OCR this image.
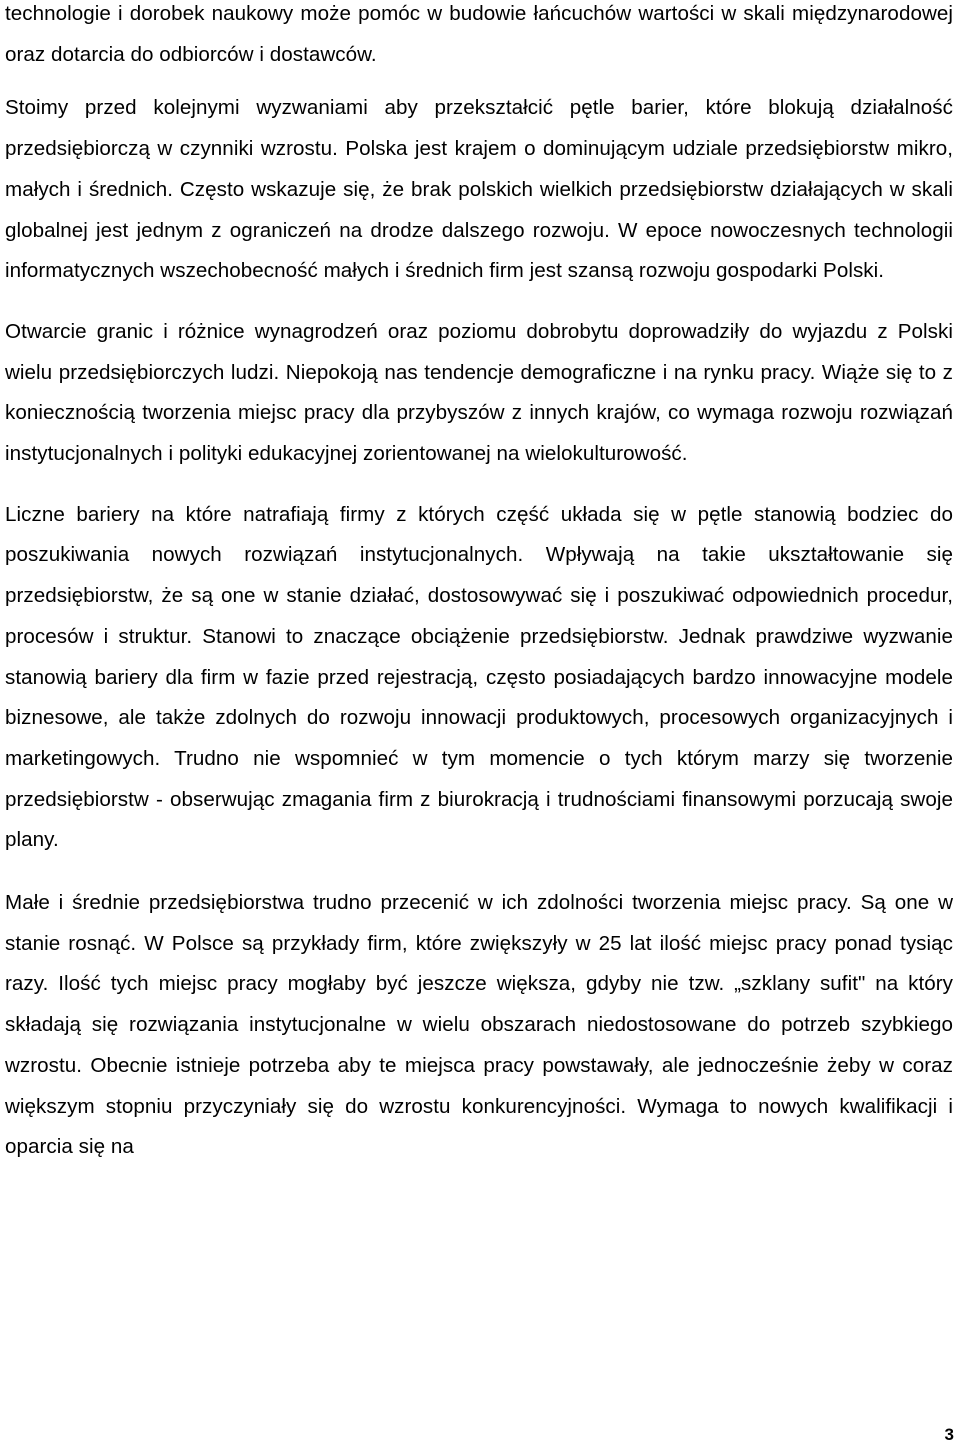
technologie i dorobek naukowy może pomóc w budowie łańcuchów wartości w skali międzynarodowej oraz dotarcia do odbiorców i dostawców.

Stoimy przed kolejnymi wyzwaniami aby przekształcić pętle barier, które blokują działalność przedsiębiorczą w czynniki wzrostu. Polska jest krajem o dominującym udziale przedsiębiorstw mikro, małych i średnich. Często wskazuje się, że brak polskich wielkich przedsiębiorstw działających w skali globalnej jest jednym z ograniczeń na drodze dalszego rozwoju. W epoce nowoczesnych technologii informatycznych wszechobecność małych i średnich firm jest szansą rozwoju gospodarki Polski.

Otwarcie granic i różnice wynagrodzeń oraz poziomu dobrobytu doprowadziły do wyjazdu z Polski wielu przedsiębiorczych ludzi. Niepokoją nas tendencje demograficzne i na rynku pracy. Wiąże się to z koniecznością tworzenia miejsc pracy dla przybyszów z innych krajów, co wymaga rozwoju rozwiązań instytucjonalnych i polityki edukacyjnej zorientowanej na wielokulturowość.

Liczne bariery na które natrafiają firmy z których część układa się w pętle stanowią bodziec do poszukiwania nowych rozwiązań instytucjonalnych. Wpływają na takie ukształtowanie się przedsiębiorstw, że są one w stanie działać, dostosowywać się i poszukiwać odpowiednich procedur, procesów i struktur. Stanowi to znaczące obciążenie przedsiębiorstw. Jednak prawdziwe wyzwanie stanowią bariery dla firm w fazie przed rejestracją, często posiadających bardzo innowacyjne modele biznesowe, ale także zdolnych do rozwoju innowacji produktowych, procesowych organizacyjnych i marketingowych. Trudno nie wspomnieć w tym momencie o tych którym marzy się tworzenie przedsiębiorstw - obserwując zmagania firm z biurokracją i trudnościami finansowymi porzucają swoje plany.

Małe i średnie przedsiębiorstwa trudno przecenić w ich zdolności tworzenia miejsc pracy. Są one w stanie rosnąć. W Polsce są przykłady firm, które zwiększyły w 25 lat ilość miejsc pracy ponad tysiąc razy. Ilość tych miejsc pracy mogłaby być jeszcze większa, gdyby nie tzw. „szklany sufit" na który składają się rozwiązania instytucjonalne w wielu obszarach niedostosowane do potrzeb szybkiego wzrostu. Obecnie istnieje potrzeba aby te miejsca pracy powstawały, ale jednocześnie żeby w coraz większym stopniu przyczyniały się do wzrostu konkurencyjności. Wymaga to nowych kwalifikacji i oparcia się na

3
